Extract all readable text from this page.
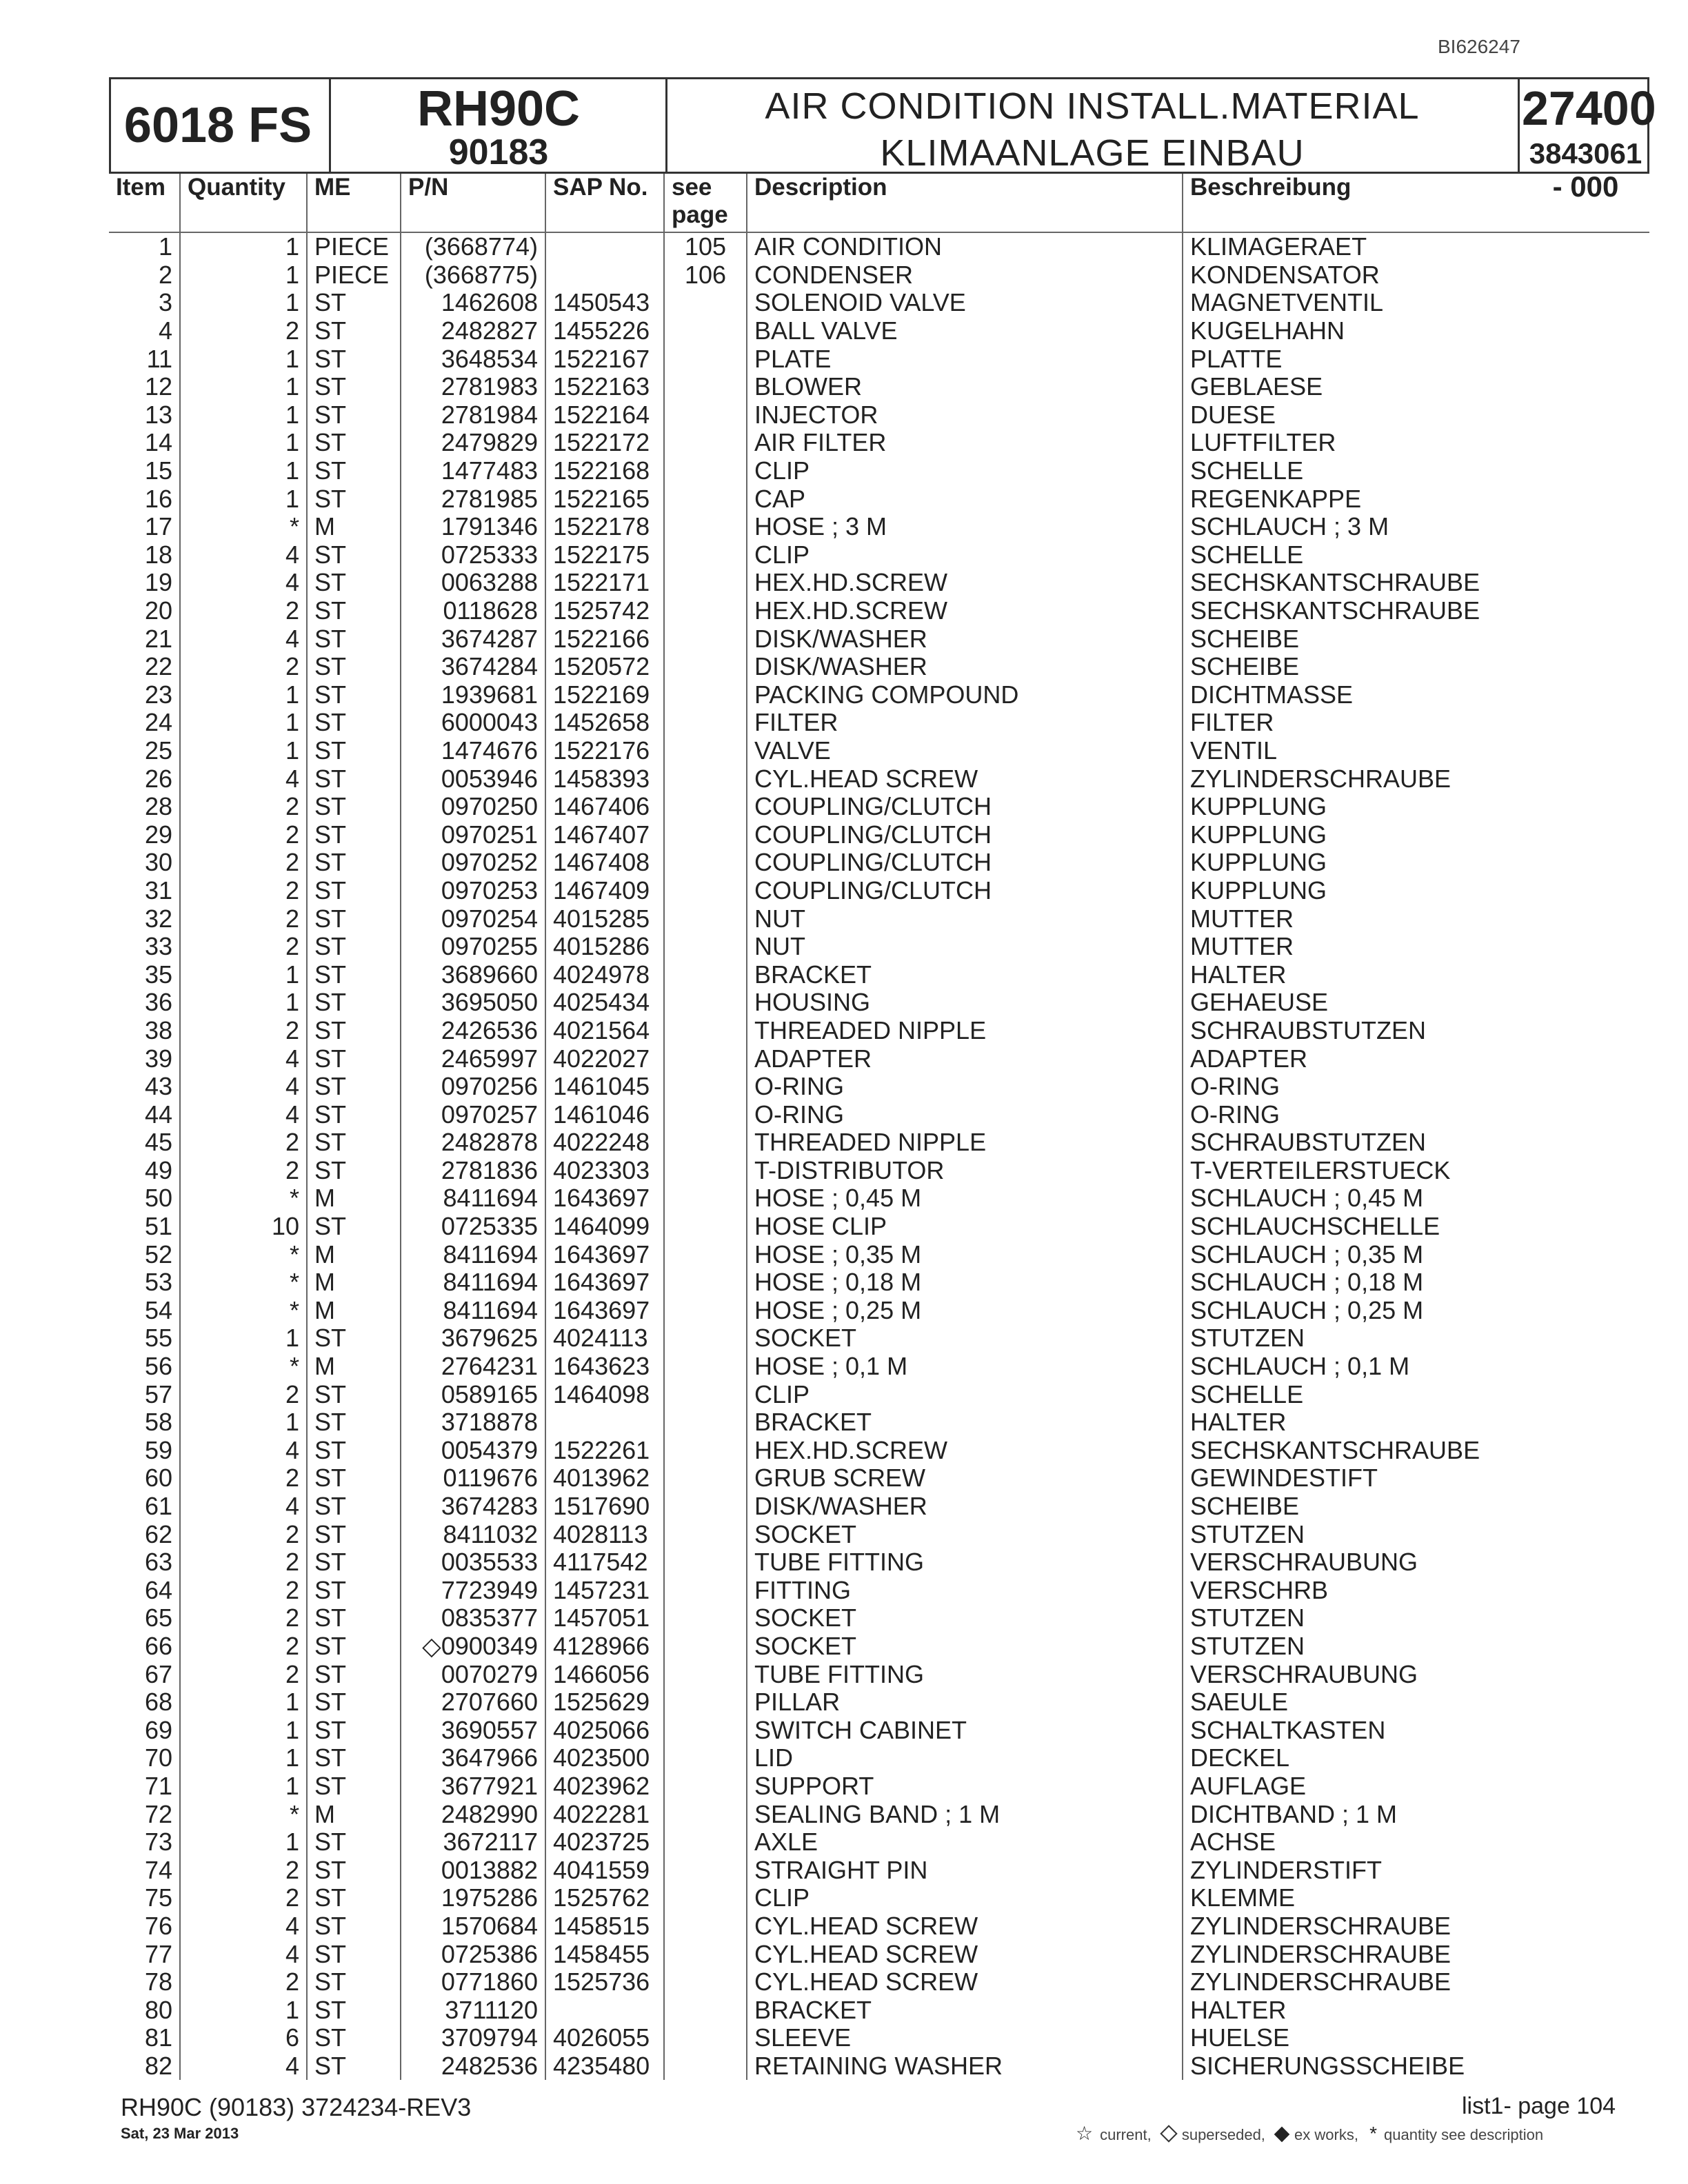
BI626247
6018 FS	RH90C
90183
AIR CONDITION INSTALL.MATERIAL
KLIMAANLAGE EINBAU
27400
3843061 - 000
Item	Quantity	ME	P/N	SAP No.	see page	Description	Beschreibung
1	1	PIECE	(3668774)		105	AIR CONDITION	KLIMAGERAET
2	1	PIECE	(3668775)		106	CONDENSER	KONDENSATOR
3	1	ST	1462608	1450543		SOLENOID VALVE	MAGNETVENTIL
4	2	ST	2482827	1455226		BALL VALVE	KUGELHAHN
11	1	ST	3648534	1522167		PLATE	PLATTE
12	1	ST	2781983	1522163		BLOWER	GEBLAESE
13	1	ST	2781984	1522164		INJECTOR	DUESE
14	1	ST	2479829	1522172		AIR FILTER	LUFTFILTER
15	1	ST	1477483	1522168		CLIP	SCHELLE
16	1	ST	2781985	1522165		CAP	REGENKAPPE
17	*	M	1791346	1522178		HOSE ; 3 M	SCHLAUCH ; 3 M
18	4	ST	0725333	1522175		CLIP	SCHELLE
19	4	ST	0063288	1522171		HEX.HD.SCREW	SECHSKANTSCHRAUBE
20	2	ST	0118628	1525742		HEX.HD.SCREW	SECHSKANTSCHRAUBE
21	4	ST	3674287	1522166		DISK/WASHER	SCHEIBE
22	2	ST	3674284	1520572		DISK/WASHER	SCHEIBE
23	1	ST	1939681	1522169		PACKING COMPOUND	DICHTMASSE
24	1	ST	6000043	1452658		FILTER	FILTER
25	1	ST	1474676	1522176		VALVE	VENTIL
26	4	ST	0053946	1458393		CYL.HEAD SCREW	ZYLINDERSCHRAUBE
28	2	ST	0970250	1467406		COUPLING/CLUTCH	KUPPLUNG
29	2	ST	0970251	1467407		COUPLING/CLUTCH	KUPPLUNG
30	2	ST	0970252	1467408		COUPLING/CLUTCH	KUPPLUNG
31	2	ST	0970253	1467409		COUPLING/CLUTCH	KUPPLUNG
32	2	ST	0970254	4015285		NUT	MUTTER
33	2	ST	0970255	4015286		NUT	MUTTER
35	1	ST	3689660	4024978		BRACKET	HALTER
36	1	ST	3695050	4025434		HOUSING	GEHAEUSE
38	2	ST	2426536	4021564		THREADED NIPPLE	SCHRAUBSTUTZEN
39	4	ST	2465997	4022027		ADAPTER	ADAPTER
43	4	ST	0970256	1461045		O-RING	O-RING
44	4	ST	0970257	1461046		O-RING	O-RING
45	2	ST	2482878	4022248		THREADED NIPPLE	SCHRAUBSTUTZEN
49	2	ST	2781836	4023303		T-DISTRIBUTOR	T-VERTEILERSTUECK
50	*	M	8411694	1643697		HOSE ; 0,45 M	SCHLAUCH ; 0,45 M
51	10	ST	0725335	1464099		HOSE CLIP	SCHLAUCHSCHELLE
52	*	M	8411694	1643697		HOSE ; 0,35 M	SCHLAUCH ; 0,35 M
53	*	M	8411694	1643697		HOSE ; 0,18 M	SCHLAUCH ; 0,18 M
54	*	M	8411694	1643697		HOSE ; 0,25 M	SCHLAUCH ; 0,25 M
55	1	ST	3679625	4024113		SOCKET	STUTZEN
56	*	M	2764231	1643623		HOSE ; 0,1 M	SCHLAUCH ; 0,1 M
57	2	ST	0589165	1464098		CLIP	SCHELLE
58	1	ST	3718878			BRACKET	HALTER
59	4	ST	0054379	1522261		HEX.HD.SCREW	SECHSKANTSCHRAUBE
60	2	ST	0119676	4013962		GRUB SCREW	GEWINDESTIFT
61	4	ST	3674283	1517690		DISK/WASHER	SCHEIBE
62	2	ST	8411032	4028113		SOCKET	STUTZEN
63	2	ST	0035533	4117542		TUBE FITTING	VERSCHRAUBUNG
64	2	ST	7723949	1457231		FITTING	VERSCHRB
65	2	ST	0835377	1457051		SOCKET	STUTZEN
66	2	ST	◇0900349	4128966		SOCKET	STUTZEN
67	2	ST	0070279	1466056		TUBE FITTING	VERSCHRAUBUNG
68	1	ST	2707660	1525629		PILLAR	SAEULE
69	1	ST	3690557	4025066		SWITCH CABINET	SCHALTKASTEN
70	1	ST	3647966	4023500		LID	DECKEL
71	1	ST	3677921	4023962		SUPPORT	AUFLAGE
72	*	M	2482990	4022281		SEALING BAND ; 1 M	DICHTBAND ; 1 M
73	1	ST	3672117	4023725		AXLE	ACHSE
74	2	ST	0013882	4041559		STRAIGHT PIN	ZYLINDERSTIFT
75	2	ST	1975286	1525762		CLIP	KLEMME
76	4	ST	1570684	1458515		CYL.HEAD SCREW	ZYLINDERSCHRAUBE
77	4	ST	0725386	1458455		CYL.HEAD SCREW	ZYLINDERSCHRAUBE
78	2	ST	0771860	1525736		CYL.HEAD SCREW	ZYLINDERSCHRAUBE
80	1	ST	3711120			BRACKET	HALTER
81	6	ST	3709794	4026055		SLEEVE	HUELSE
82	4	ST	2482536	4235480		RETAINING WASHER	SICHERUNGSSCHEIBE
RH90C (90183) 3724234-REV3
Sat, 23 Mar 2013
list1- page 104
☆ current, superseded, ex works, * quantity see description
